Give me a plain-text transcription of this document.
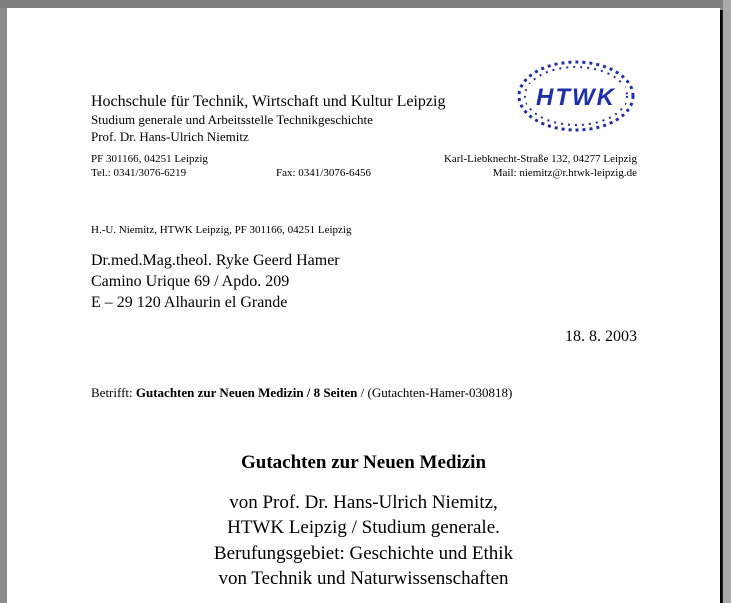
Hochschule für Technik, Wirtschaft und Kultur Leipzig
Studium generale und Arbeitsstelle Technikgeschichte
Prof. Dr. Hans-Ulrich Niemitz
HTWK
PF 301166, 04251 Leipzig
Tel.: 0341/3076-6219	Fax: 0341/3076-6456
Karl-Liebknecht-Straße 132, 04277 Leipzig
Mail: niemitz@r.htwk-leipzig.de
H.-U. Niemitz, HTWK Leipzig, PF 301166, 04251 Leipzig
Dr.med.Mag.theol. Ryke Geerd Hamer
Camino Urique 69 / Apdo. 209
E – 29 120 Alhaurin el Grande
18. 8. 2003
Betrifft: Gutachten zur Neuen Medizin / 8 Seiten / (Gutachten-Hamer-030818)
Gutachten zur Neuen Medizin
von Prof. Dr. Hans-Ulrich Niemitz,
HTWK Leipzig / Studium generale.
Berufungsgebiet: Geschichte und Ethik
von Technik und Naturwissenschaften
